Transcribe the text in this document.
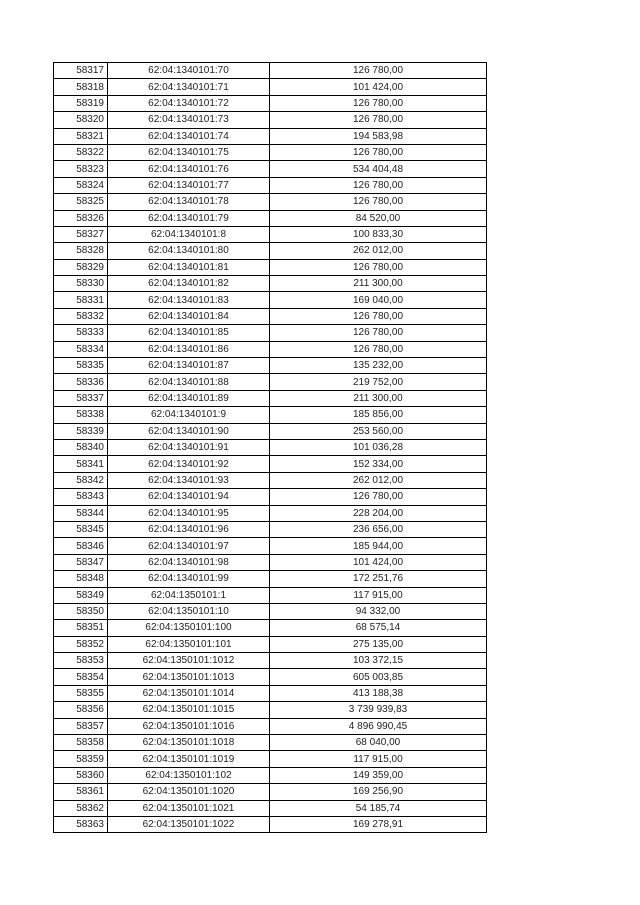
58317	62:04:1340101:70	126 780,00
58318	62:04:1340101:71	101 424,00
58319	62:04:1340101:72	126 780,00
58320	62:04:1340101:73	126 780,00
58321	62:04:1340101:74	194 583,98
58322	62:04:1340101:75	126 780,00
58323	62:04:1340101:76	534 404,48
58324	62:04:1340101:77	126 780,00
58325	62:04:1340101:78	126 780,00
58326	62:04:1340101:79	84 520,00
58327	62:04:1340101:8	100 833,30
58328	62:04:1340101:80	262 012,00
58329	62:04:1340101:81	126 780,00
58330	62:04:1340101:82	211 300,00
58331	62:04:1340101:83	169 040,00
58332	62:04:1340101:84	126 780,00
58333	62:04:1340101:85	126 780,00
58334	62:04:1340101:86	126 780,00
58335	62:04:1340101:87	135 232,00
58336	62:04:1340101:88	219 752,00
58337	62:04:1340101:89	211 300,00
58338	62:04:1340101:9	185 856,00
58339	62:04:1340101:90	253 560,00
58340	62:04:1340101:91	101 036,28
58341	62:04:1340101:92	152 334,00
58342	62:04:1340101:93	262 012,00
58343	62:04:1340101:94	126 780,00
58344	62:04:1340101:95	228 204,00
58345	62:04:1340101:96	236 656,00
58346	62:04:1340101:97	185 944,00
58347	62:04:1340101:98	101 424,00
58348	62:04:1340101:99	172 251,76
58349	62:04:1350101:1	117 915,00
58350	62:04:1350101:10	94 332,00
58351	62:04:1350101:100	68 575,14
58352	62:04:1350101:101	275 135,00
58353	62:04:1350101:1012	103 372,15
58354	62:04:1350101:1013	605 003,85
58355	62:04:1350101:1014	413 188,38
58356	62:04:1350101:1015	3 739 939,83
58357	62:04:1350101:1016	4 896 990,45
58358	62:04:1350101:1018	68 040,00
58359	62:04:1350101:1019	117 915,00
58360	62:04:1350101:102	149 359,00
58361	62:04:1350101:1020	169 256,90
58362	62:04:1350101:1021	54 185,74
58363	62:04:1350101:1022	169 278,91
